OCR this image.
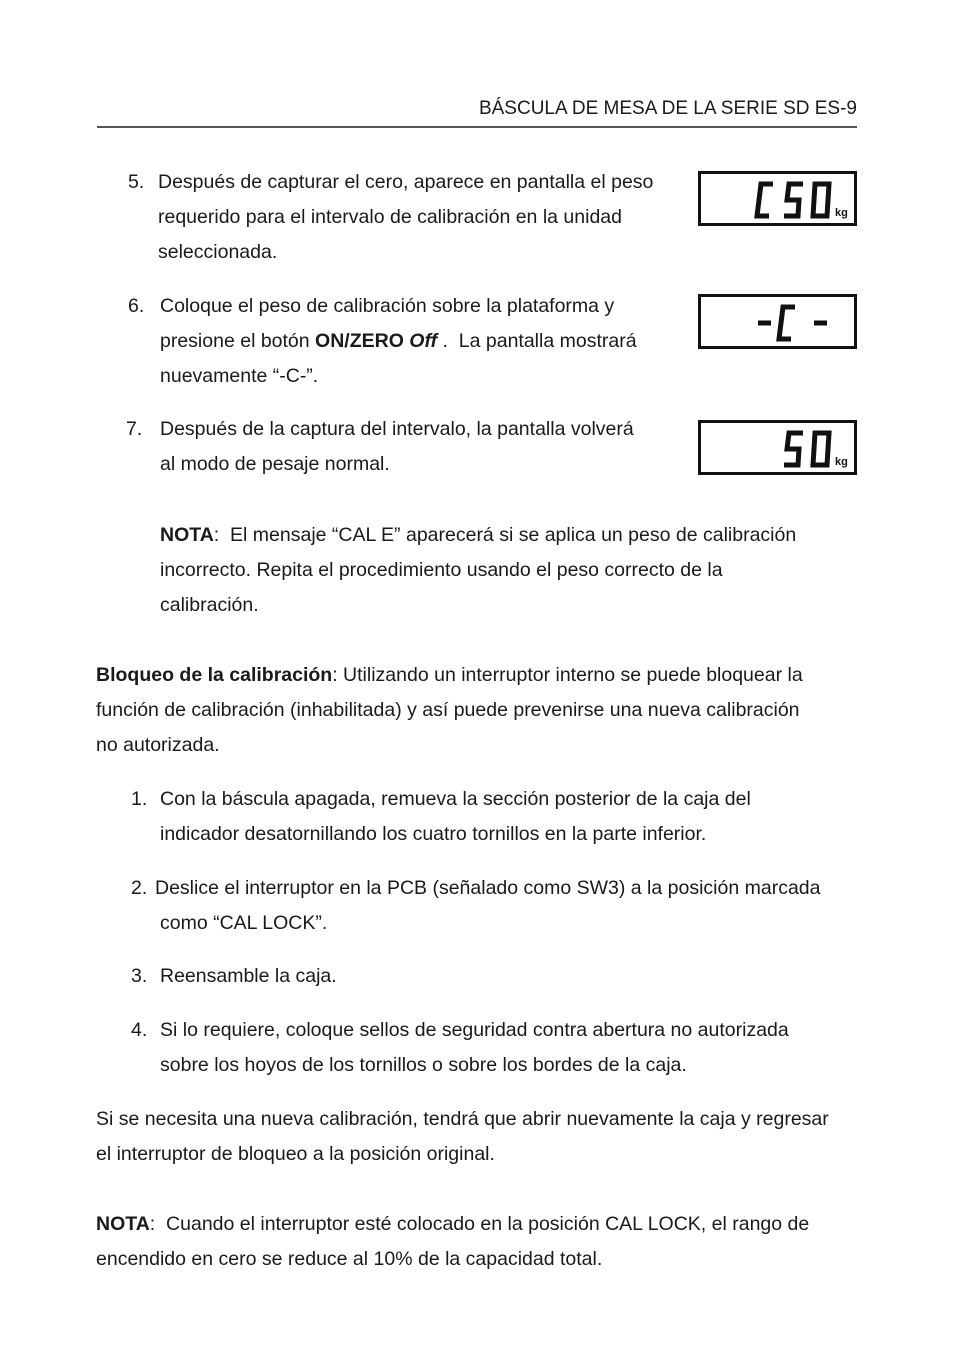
BÁSCULA DE MESA DE LA SERIE SD ES-9
5. Después de capturar el cero, aparece en pantalla el peso
requerido para el intervalo de calibración en la unidad
seleccionada.
kg
6. Coloque el peso de calibración sobre la plataforma y
presione el botón ON/ZERO Off .  La pantalla mostrará
nuevamente “-C-”.
7. Después de la captura del intervalo, la pantalla volverá
al modo de pesaje normal.	kg
NOTA:  El mensaje “CAL E” aparecerá si se aplica un peso de calibración
incorrecto. Repita el procedimiento usando el peso correcto de la
calibración.
Bloqueo de la calibración: Utilizando un interruptor interno se puede bloquear la
función de calibración (inhabilitada) y así puede prevenirse una nueva calibración
no autorizada.
1. Con la báscula apagada, remueva la sección posterior de la caja del
indicador desatornillando los cuatro tornillos en la parte inferior.
2. Deslice el interruptor en la PCB (señalado como SW3) a la posición marcada
como “CAL LOCK”.
3. Reensamble la caja.
4. Si lo requiere, coloque sellos de seguridad contra abertura no autorizada
sobre los hoyos de los tornillos o sobre los bordes de la caja.
Si se necesita una nueva calibración, tendrá que abrir nuevamente la caja y regresar
el interruptor de bloqueo a la posición original.
NOTA:  Cuando el interruptor esté colocado en la posición CAL LOCK, el rango de
encendido en cero se reduce al 10% de la capacidad total.
